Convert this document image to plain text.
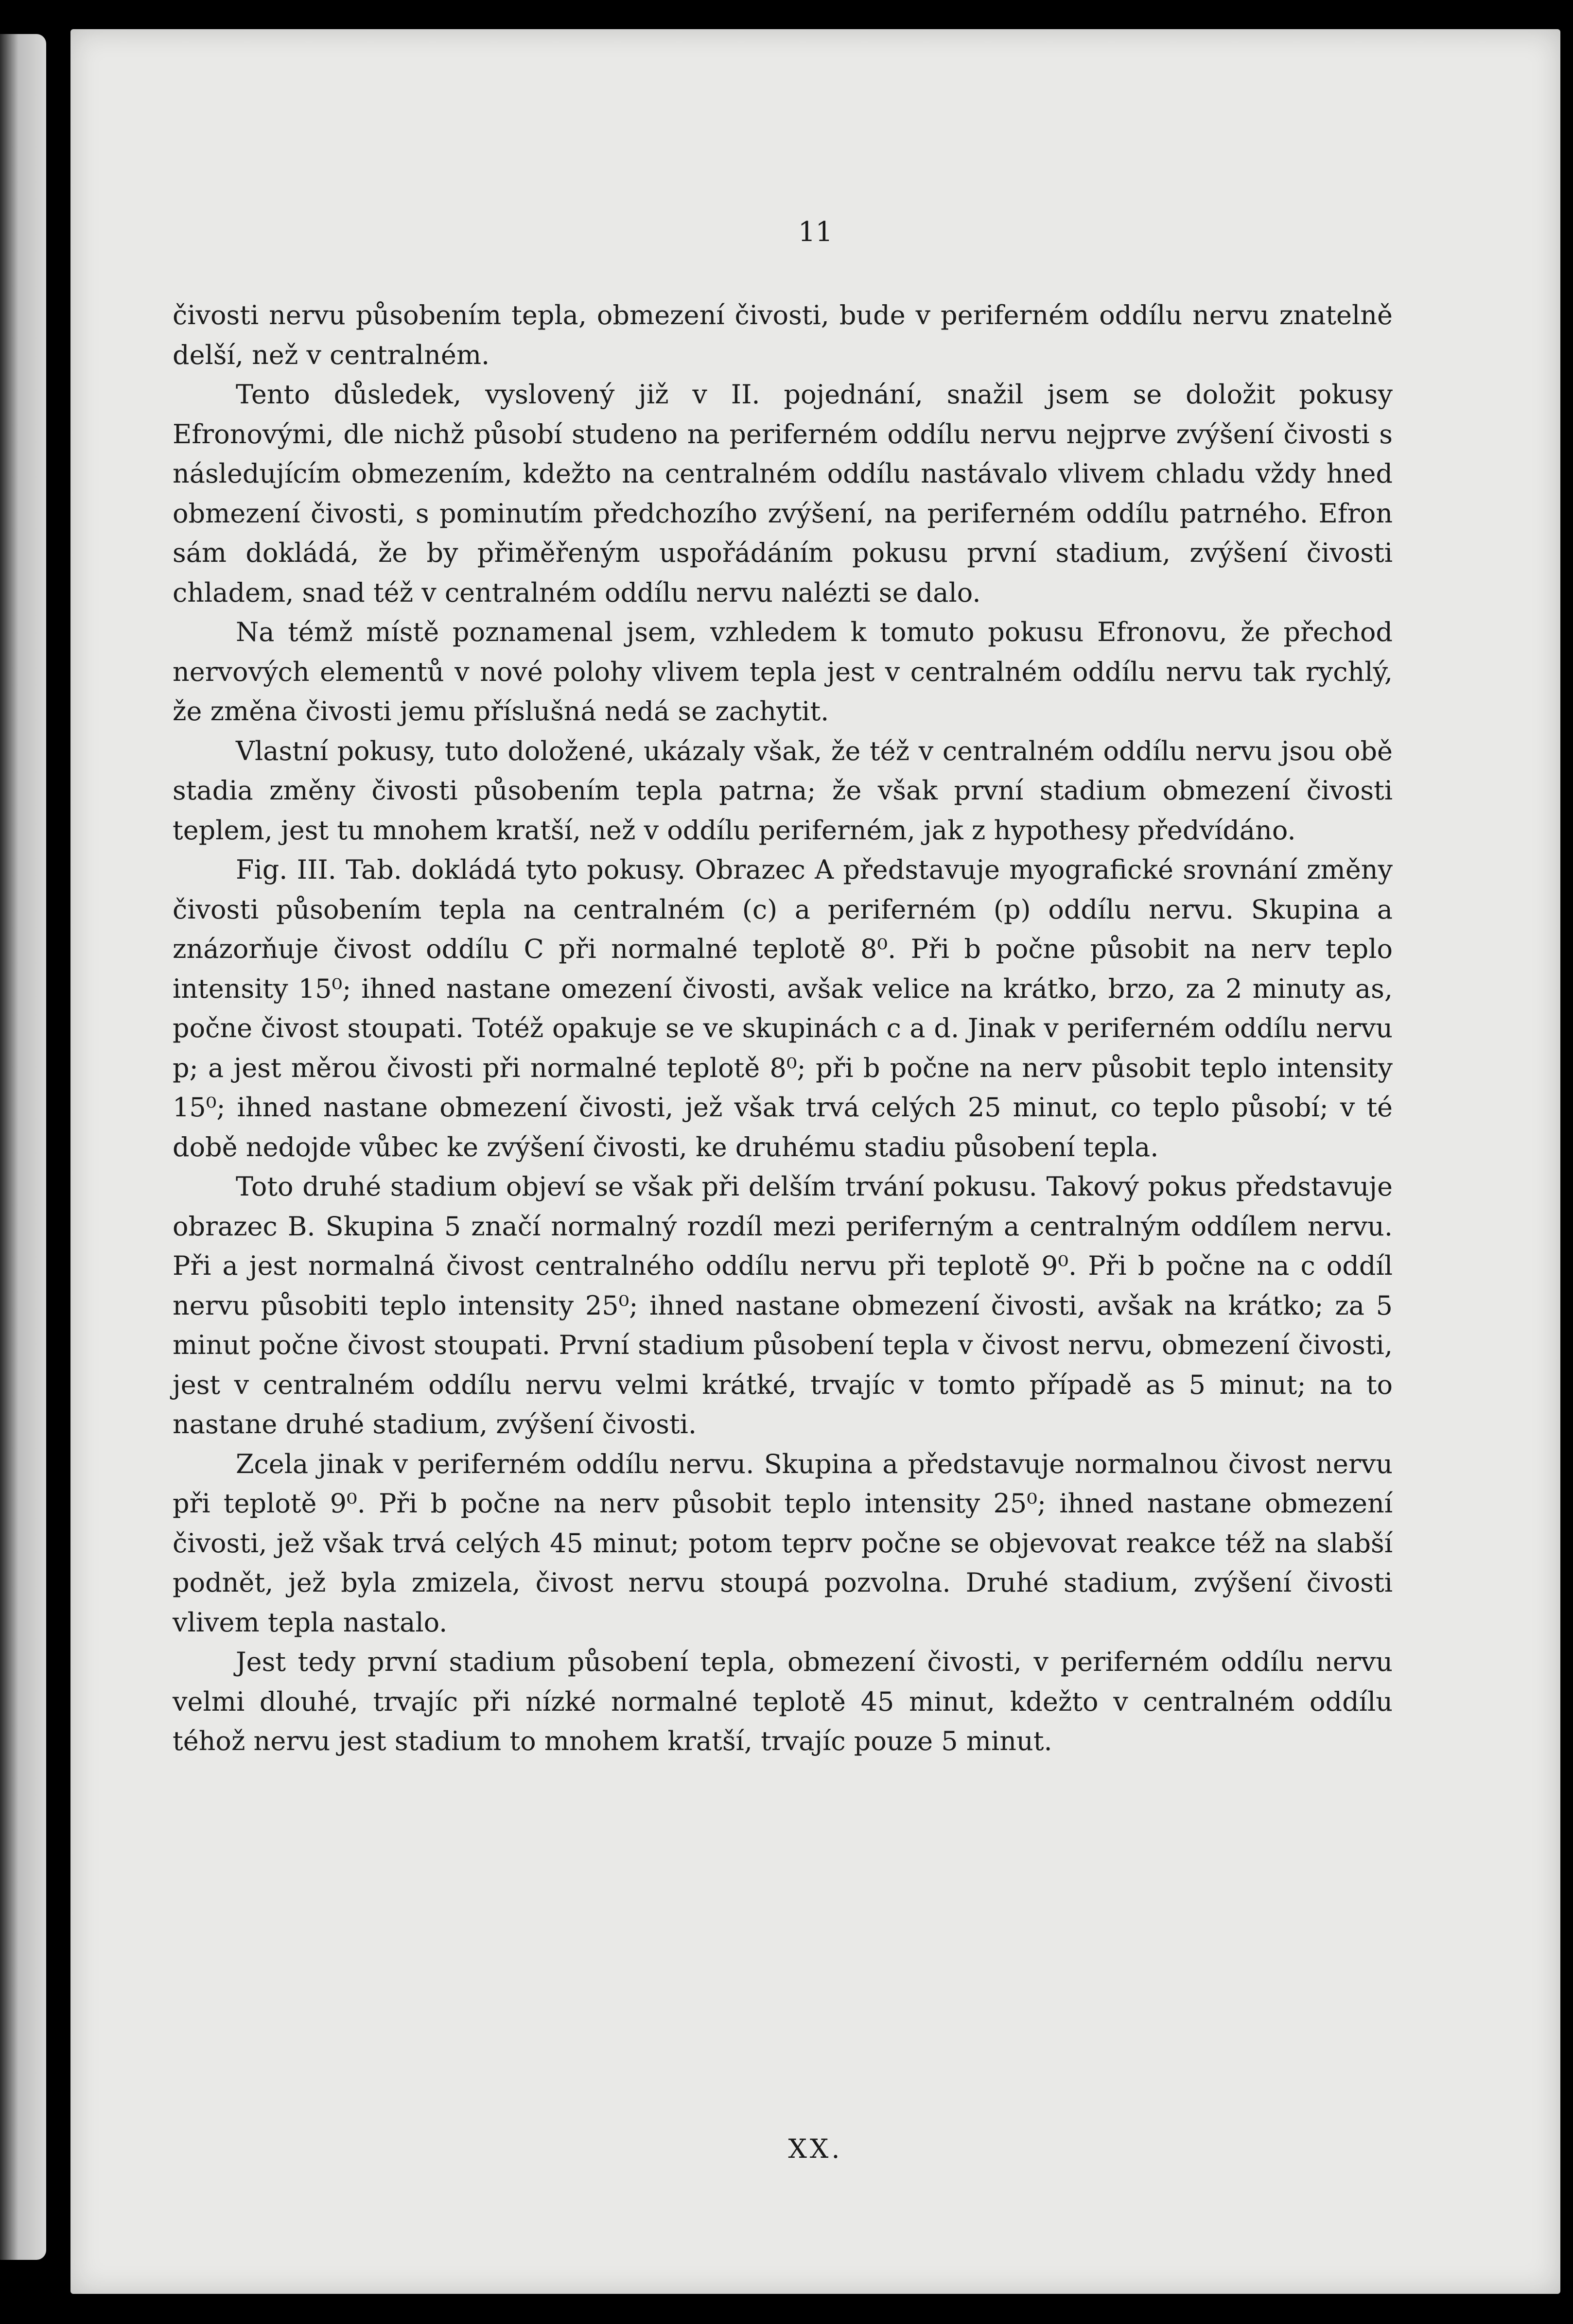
11

čivosti nervu působením tepla, obmezení čivosti, bude v periferném oddílu nervu znatelně delší, než v centralném.

Tento důsledek, vyslovený již v II. pojednání, snažil jsem se doložit pokusy Efronovými, dle nichž působí studeno na periferném oddílu nervu nejprve zvýšení čivosti s následujícím obmezením, kdežto na centralném oddílu nastávalo vlivem chladu vždy hned obmezení čivosti, s pominutím předchozího zvýšení, na periferném oddílu patrného. Efron sám dokládá, že by přiměřeným uspořádáním pokusu první stadium, zvýšení čivosti chladem, snad též v centralném oddílu nervu nalézti se dalo.

Na témž místě poznamenal jsem, vzhledem k tomuto pokusu Efronovu, že přechod nervových elementů v nové polohy vlivem tepla jest v centralném oddílu nervu tak rychlý, že změna čivosti jemu příslušná nedá se zachytit.

Vlastní pokusy, tuto doložené, ukázaly však, že též v centralném oddílu nervu jsou obě stadia změny čivosti působením tepla patrna; že však první stadium obmezení čivosti teplem, jest tu mnohem kratší, než v oddílu periferném, jak z hypothesy předvídáno.

Fig. III. Tab. dokládá tyto pokusy. Obrazec A představuje myografické srovnání změny čivosti působením tepla na centralném (c) a periferném (p) oddílu nervu. Skupina a znázorňuje čivost oddílu C při normalné teplotě 8⁰. Při b počne působit na nerv teplo intensity 15⁰; ihned nastane omezení čivosti, avšak velice na krátko, brzo, za 2 minuty as, počne čivost stoupati. Totéž opakuje se ve skupinách c a d. Jinak v periferném oddílu nervu p; a jest měrou čivosti při normalné teplotě 8⁰; při b počne na nerv působit teplo intensity 15⁰; ihned nastane obmezení čivosti, jež však trvá celých 25 minut, co teplo působí; v té době nedojde vůbec ke zvýšení čivosti, ke druhému stadiu působení tepla.

Toto druhé stadium objeví se však při delším trvání pokusu. Takový pokus představuje obrazec B. Skupina 5 značí normalný rozdíl mezi periferným a centralným oddílem nervu. Při a jest normalná čivost centralného oddílu nervu při teplotě 9⁰. Při b počne na c oddíl nervu působiti teplo intensity 25⁰; ihned nastane obmezení čivosti, avšak na krátko; za 5 minut počne čivost stoupati. První stadium působení tepla v čivost nervu, obmezení čivosti, jest v centralném oddílu nervu velmi krátké, trvajíc v tomto případě as 5 minut; na to nastane druhé stadium, zvýšení čivosti.

Zcela jinak v periferném oddílu nervu. Skupina a představuje normalnou čivost nervu při teplotě 9⁰. Při b počne na nerv působit teplo intensity 25⁰; ihned nastane obmezení čivosti, jež však trvá celých 45 minut; potom teprv počne se objevovat reakce též na slabší podnět, jež byla zmizela, čivost nervu stoupá pozvolna. Druhé stadium, zvýšení čivosti vlivem tepla nastalo.

Jest tedy první stadium působení tepla, obmezení čivosti, v periferném oddílu nervu velmi dlouhé, trvajíc při nízké normalné teplotě 45 minut, kdežto v centralném oddílu téhož nervu jest stadium to mnohem kratší, trvajíc pouze 5 minut.

XX.
